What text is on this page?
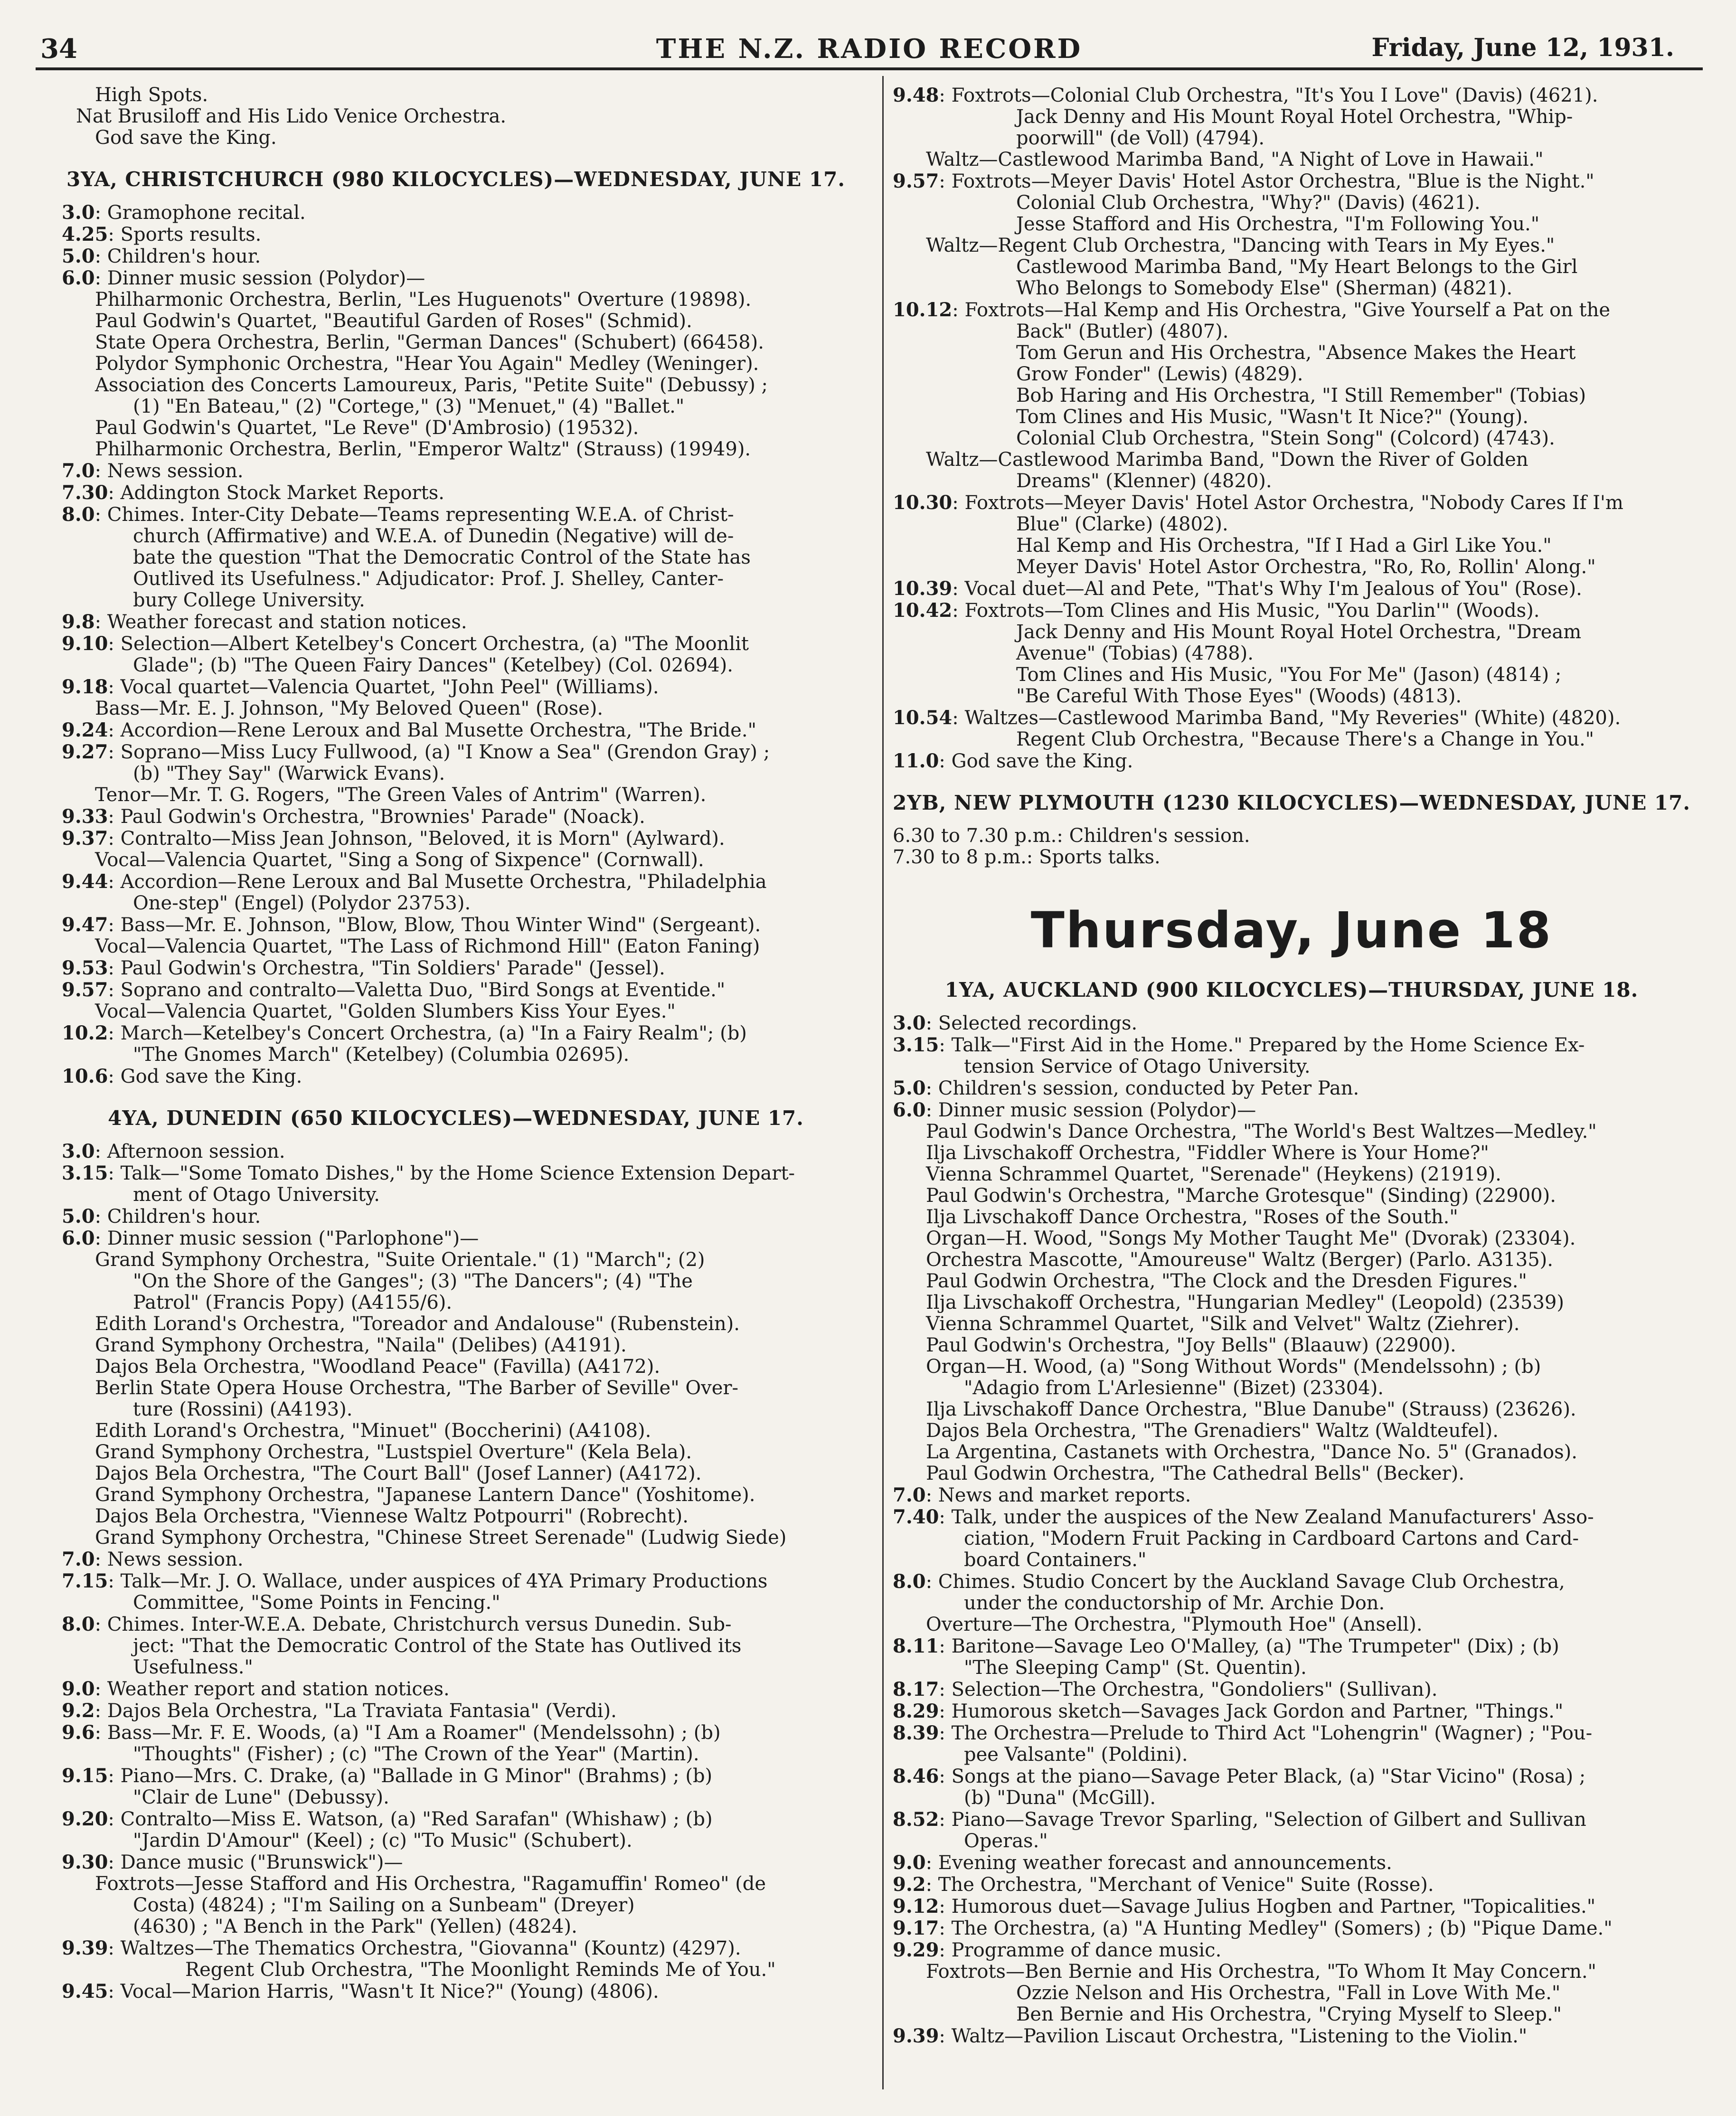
34	THE N.Z. RADIO RECORD	Friday, June 12, 1931.
High Spots.
Nat Brusiloff and His Lido Venice Orchestra.
God save the King.
3YA, CHRISTCHURCH (980 KILOCYCLES)—WEDNESDAY, JUNE 17.
3.0: Gramophone recital.
4.25: Sports results.
5.0: Children's hour.
6.0: Dinner music session (Polydor)—
Philharmonic Orchestra, Berlin, "Les Huguenots" Overture (19898).
Paul Godwin's Quartet, "Beautiful Garden of Roses" (Schmid).
State Opera Orchestra, Berlin, "German Dances" (Schubert) (66458).
Polydor Symphonic Orchestra, "Hear You Again" Medley (Weninger).
Association des Concerts Lamoureux, Paris, "Petite Suite" (Debussy) ;
(1) "En Bateau," (2) "Cortege," (3) "Menuet," (4) "Ballet."
Paul Godwin's Quartet, "Le Reve" (D'Ambrosio) (19532).
Philharmonic Orchestra, Berlin, "Emperor Waltz" (Strauss) (19949).
7.0: News session.
7.30: Addington Stock Market Reports.
8.0: Chimes. Inter-City Debate—Teams representing W.E.A. of Christ-
church (Affirmative) and W.E.A. of Dunedin (Negative) will de-
bate the question "That the Democratic Control of the State has
Outlived its Usefulness." Adjudicator: Prof. J. Shelley, Canter-
bury College University.
9.8: Weather forecast and station notices.
9.10: Selection—Albert Ketelbey's Concert Orchestra, (a) "The Moonlit
Glade"; (b) "The Queen Fairy Dances" (Ketelbey) (Col. 02694).
9.18: Vocal quartet—Valencia Quartet, "John Peel" (Williams).
Bass—Mr. E. J. Johnson, "My Beloved Queen" (Rose).
9.24: Accordion—Rene Leroux and Bal Musette Orchestra, "The Bride."
9.27: Soprano—Miss Lucy Fullwood, (a) "I Know a Sea" (Grendon Gray) ;
(b) "They Say" (Warwick Evans).
Tenor—Mr. T. G. Rogers, "The Green Vales of Antrim" (Warren).
9.33: Paul Godwin's Orchestra, "Brownies' Parade" (Noack).
9.37: Contralto—Miss Jean Johnson, "Beloved, it is Morn" (Aylward).
Vocal—Valencia Quartet, "Sing a Song of Sixpence" (Cornwall).
9.44: Accordion—Rene Leroux and Bal Musette Orchestra, "Philadelphia
One-step" (Engel) (Polydor 23753).
9.47: Bass—Mr. E. Johnson, "Blow, Blow, Thou Winter Wind" (Sergeant).
Vocal—Valencia Quartet, "The Lass of Richmond Hill" (Eaton Faning)
9.53: Paul Godwin's Orchestra, "Tin Soldiers' Parade" (Jessel).
9.57: Soprano and contralto—Valetta Duo, "Bird Songs at Eventide."
Vocal—Valencia Quartet, "Golden Slumbers Kiss Your Eyes."
10.2: March—Ketelbey's Concert Orchestra, (a) "In a Fairy Realm"; (b)
"The Gnomes March" (Ketelbey) (Columbia 02695).
10.6: God save the King.
4YA, DUNEDIN (650 KILOCYCLES)—WEDNESDAY, JUNE 17.
3.0: Afternoon session.
3.15: Talk—"Some Tomato Dishes," by the Home Science Extension Depart-
ment of Otago University.
5.0: Children's hour.
6.0: Dinner music session ("Parlophone")—
Grand Symphony Orchestra, "Suite Orientale." (1) "March"; (2)
"On the Shore of the Ganges"; (3) "The Dancers"; (4) "The
Patrol" (Francis Popy) (A4155/6).
Edith Lorand's Orchestra, "Toreador and Andalouse" (Rubenstein).
Grand Symphony Orchestra, "Naila" (Delibes) (A4191).
Dajos Bela Orchestra, "Woodland Peace" (Favilla) (A4172).
Berlin State Opera House Orchestra, "The Barber of Seville" Over-
ture (Rossini) (A4193).
Edith Lorand's Orchestra, "Minuet" (Boccherini) (A4108).
Grand Symphony Orchestra, "Lustspiel Overture" (Kela Bela).
Dajos Bela Orchestra, "The Court Ball" (Josef Lanner) (A4172).
Grand Symphony Orchestra, "Japanese Lantern Dance" (Yoshitome).
Dajos Bela Orchestra, "Viennese Waltz Potpourri" (Robrecht).
Grand Symphony Orchestra, "Chinese Street Serenade" (Ludwig Siede)
7.0: News session.
7.15: Talk—Mr. J. O. Wallace, under auspices of 4YA Primary Productions
Committee, "Some Points in Fencing."
8.0: Chimes. Inter-W.E.A. Debate, Christchurch versus Dunedin. Sub-
ject: "That the Democratic Control of the State has Outlived its
Usefulness."
9.0: Weather report and station notices.
9.2: Dajos Bela Orchestra, "La Traviata Fantasia" (Verdi).
9.6: Bass—Mr. F. E. Woods, (a) "I Am a Roamer" (Mendelssohn) ; (b)
"Thoughts" (Fisher) ; (c) "The Crown of the Year" (Martin).
9.15: Piano—Mrs. C. Drake, (a) "Ballade in G Minor" (Brahms) ; (b)
"Clair de Lune" (Debussy).
9.20: Contralto—Miss E. Watson, (a) "Red Sarafan" (Whishaw) ; (b)
"Jardin D'Amour" (Keel) ; (c) "To Music" (Schubert).
9.30: Dance music ("Brunswick")—
Foxtrots—Jesse Stafford and His Orchestra, "Ragamuffin' Romeo" (de
Costa) (4824) ; "I'm Sailing on a Sunbeam" (Dreyer)
(4630) ; "A Bench in the Park" (Yellen) (4824).
9.39: Waltzes—The Thematics Orchestra, "Giovanna" (Kountz) (4297).
Regent Club Orchestra, "The Moonlight Reminds Me of You."
9.45: Vocal—Marion Harris, "Wasn't It Nice?" (Young) (4806).
9.48: Foxtrots—Colonial Club Orchestra, "It's You I Love" (Davis) (4621).
Jack Denny and His Mount Royal Hotel Orchestra, "Whip-
poorwill" (de Voll) (4794).
Waltz—Castlewood Marimba Band, "A Night of Love in Hawaii."
9.57: Foxtrots—Meyer Davis' Hotel Astor Orchestra, "Blue is the Night."
Colonial Club Orchestra, "Why?" (Davis) (4621).
Jesse Stafford and His Orchestra, "I'm Following You."
Waltz—Regent Club Orchestra, "Dancing with Tears in My Eyes."
Castlewood Marimba Band, "My Heart Belongs to the Girl
Who Belongs to Somebody Else" (Sherman) (4821).
10.12: Foxtrots—Hal Kemp and His Orchestra, "Give Yourself a Pat on the
Back" (Butler) (4807).
Tom Gerun and His Orchestra, "Absence Makes the Heart
Grow Fonder" (Lewis) (4829).
Bob Haring and His Orchestra, "I Still Remember" (Tobias)
Tom Clines and His Music, "Wasn't It Nice?" (Young).
Colonial Club Orchestra, "Stein Song" (Colcord) (4743).
Waltz—Castlewood Marimba Band, "Down the River of Golden
Dreams" (Klenner) (4820).
10.30: Foxtrots—Meyer Davis' Hotel Astor Orchestra, "Nobody Cares If I'm
Blue" (Clarke) (4802).
Hal Kemp and His Orchestra, "If I Had a Girl Like You."
Meyer Davis' Hotel Astor Orchestra, "Ro, Ro, Rollin' Along."
10.39: Vocal duet—Al and Pete, "That's Why I'm Jealous of You" (Rose).
10.42: Foxtrots—Tom Clines and His Music, "You Darlin'" (Woods).
Jack Denny and His Mount Royal Hotel Orchestra, "Dream
Avenue" (Tobias) (4788).
Tom Clines and His Music, "You For Me" (Jason) (4814) ;
"Be Careful With Those Eyes" (Woods) (4813).
10.54: Waltzes—Castlewood Marimba Band, "My Reveries" (White) (4820).
Regent Club Orchestra, "Because There's a Change in You."
11.0: God save the King.
2YB, NEW PLYMOUTH (1230 KILOCYCLES)—WEDNESDAY, JUNE 17.
6.30 to 7.30 p.m.: Children's session.
7.30 to 8 p.m.: Sports talks.
Thursday, June 18
1YA, AUCKLAND (900 KILOCYCLES)—THURSDAY, JUNE 18.
3.0: Selected recordings.
3.15: Talk—"First Aid in the Home." Prepared by the Home Science Ex-
tension Service of Otago University.
5.0: Children's session, conducted by Peter Pan.
6.0: Dinner music session (Polydor)—
Paul Godwin's Dance Orchestra, "The World's Best Waltzes—Medley."
Ilja Livschakoff Orchestra, "Fiddler Where is Your Home?"
Vienna Schrammel Quartet, "Serenade" (Heykens) (21919).
Paul Godwin's Orchestra, "Marche Grotesque" (Sinding) (22900).
Ilja Livschakoff Dance Orchestra, "Roses of the South."
Organ—H. Wood, "Songs My Mother Taught Me" (Dvorak) (23304).
Orchestra Mascotte, "Amoureuse" Waltz (Berger) (Parlo. A3135).
Paul Godwin Orchestra, "The Clock and the Dresden Figures."
Ilja Livschakoff Orchestra, "Hungarian Medley" (Leopold) (23539)
Vienna Schrammel Quartet, "Silk and Velvet" Waltz (Ziehrer).
Paul Godwin's Orchestra, "Joy Bells" (Blaauw) (22900).
Organ—H. Wood, (a) "Song Without Words" (Mendelssohn) ; (b)
"Adagio from L'Arlesienne" (Bizet) (23304).
Ilja Livschakoff Dance Orchestra, "Blue Danube" (Strauss) (23626).
Dajos Bela Orchestra, "The Grenadiers" Waltz (Waldteufel).
La Argentina, Castanets with Orchestra, "Dance No. 5" (Granados).
Paul Godwin Orchestra, "The Cathedral Bells" (Becker).
7.0: News and market reports.
7.40: Talk, under the auspices of the New Zealand Manufacturers' Asso-
ciation, "Modern Fruit Packing in Cardboard Cartons and Card-
board Containers."
8.0: Chimes. Studio Concert by the Auckland Savage Club Orchestra,
under the conductorship of Mr. Archie Don.
Overture—The Orchestra, "Plymouth Hoe" (Ansell).
8.11: Baritone—Savage Leo O'Malley, (a) "The Trumpeter" (Dix) ; (b)
"The Sleeping Camp" (St. Quentin).
8.17: Selection—The Orchestra, "Gondoliers" (Sullivan).
8.29: Humorous sketch—Savages Jack Gordon and Partner, "Things."
8.39: The Orchestra—Prelude to Third Act "Lohengrin" (Wagner) ; "Pou-
pee Valsante" (Poldini).
8.46: Songs at the piano—Savage Peter Black, (a) "Star Vicino" (Rosa) ;
(b) "Duna" (McGill).
8.52: Piano—Savage Trevor Sparling, "Selection of Gilbert and Sullivan
Operas."
9.0: Evening weather forecast and announcements.
9.2: The Orchestra, "Merchant of Venice" Suite (Rosse).
9.12: Humorous duet—Savage Julius Hogben and Partner, "Topicalities."
9.17: The Orchestra, (a) "A Hunting Medley" (Somers) ; (b) "Pique Dame."
9.29: Programme of dance music.
Foxtrots—Ben Bernie and His Orchestra, "To Whom It May Concern."
Ozzie Nelson and His Orchestra, "Fall in Love With Me."
Ben Bernie and His Orchestra, "Crying Myself to Sleep."
9.39: Waltz—Pavilion Liscaut Orchestra, "Listening to the Violin."
